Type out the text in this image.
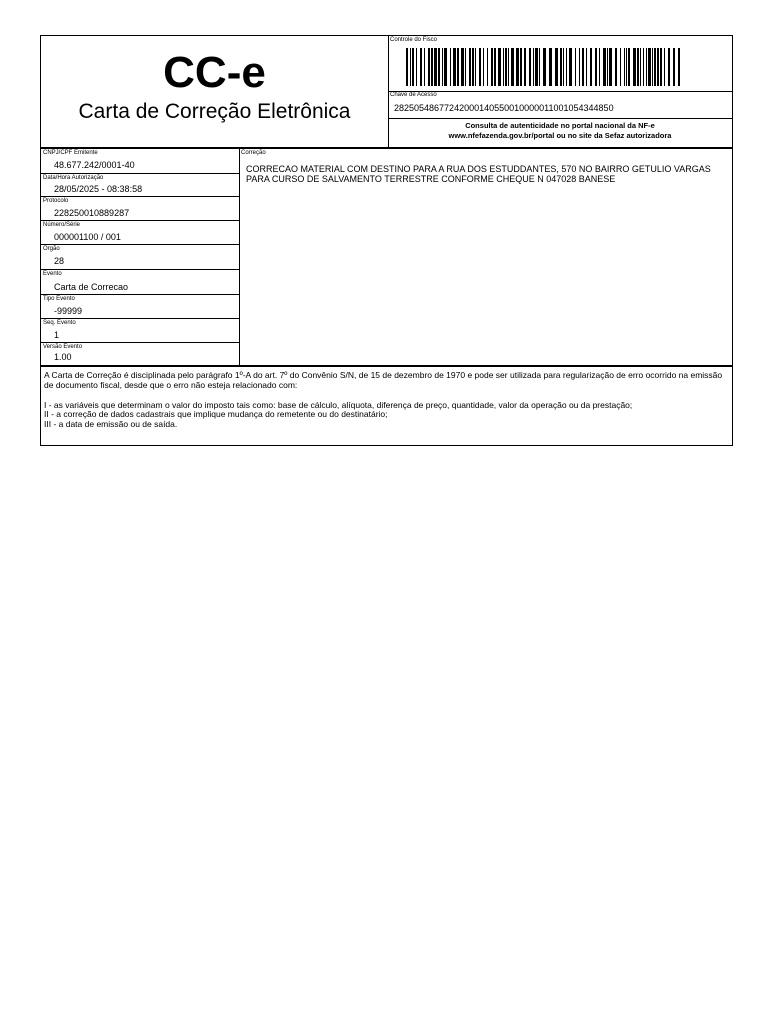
CC-e
Carta de Correção Eletrônica
Controle do Fisco
Chave de Acesso
28250548677242000140550010000011001054344850
Consulta de autenticidade no portal nacional da NF-e
www.nfefazenda.gov.br/portal ou no site da Sefaz autorizadora
CNPJ/CPF Emitente
48.677.242/0001-40
Data/Hora Autorização
28/05/2025 - 08:38:58
Protocolo
228250010889287
Número/Série
000001100 / 001
Orgão
28
Evento
Carta de Correcao
Tipo Evento
-99999
Seq. Evento
1
Versão Evento
1.00
Correção
CORRECAO MATERIAL COM DESTINO PARA A RUA DOS ESTUDDANTES, 570 NO BAIRRO GETULIO VARGAS PARA CURSO DE SALVAMENTO TERRESTRE CONFORME CHEQUE N 047028 BANESE

A Carta de Correção é disciplinada pelo parágrafo 1º-A do art. 7º do Convênio S/N, de 15 de dezembro de 1970 e pode ser utilizada para regularização de erro ocorrido na emissão de documento fiscal, desde que o erro não esteja relacionado com:

I - as variáveis que determinam o valor do imposto tais como: base de cálculo, alíquota, diferença de preço, quantidade, valor da operação ou da prestação;

II - a correção de dados cadastrais que implique mudança do remetente ou do destinatário;

III - a data de emissão ou de saída.
